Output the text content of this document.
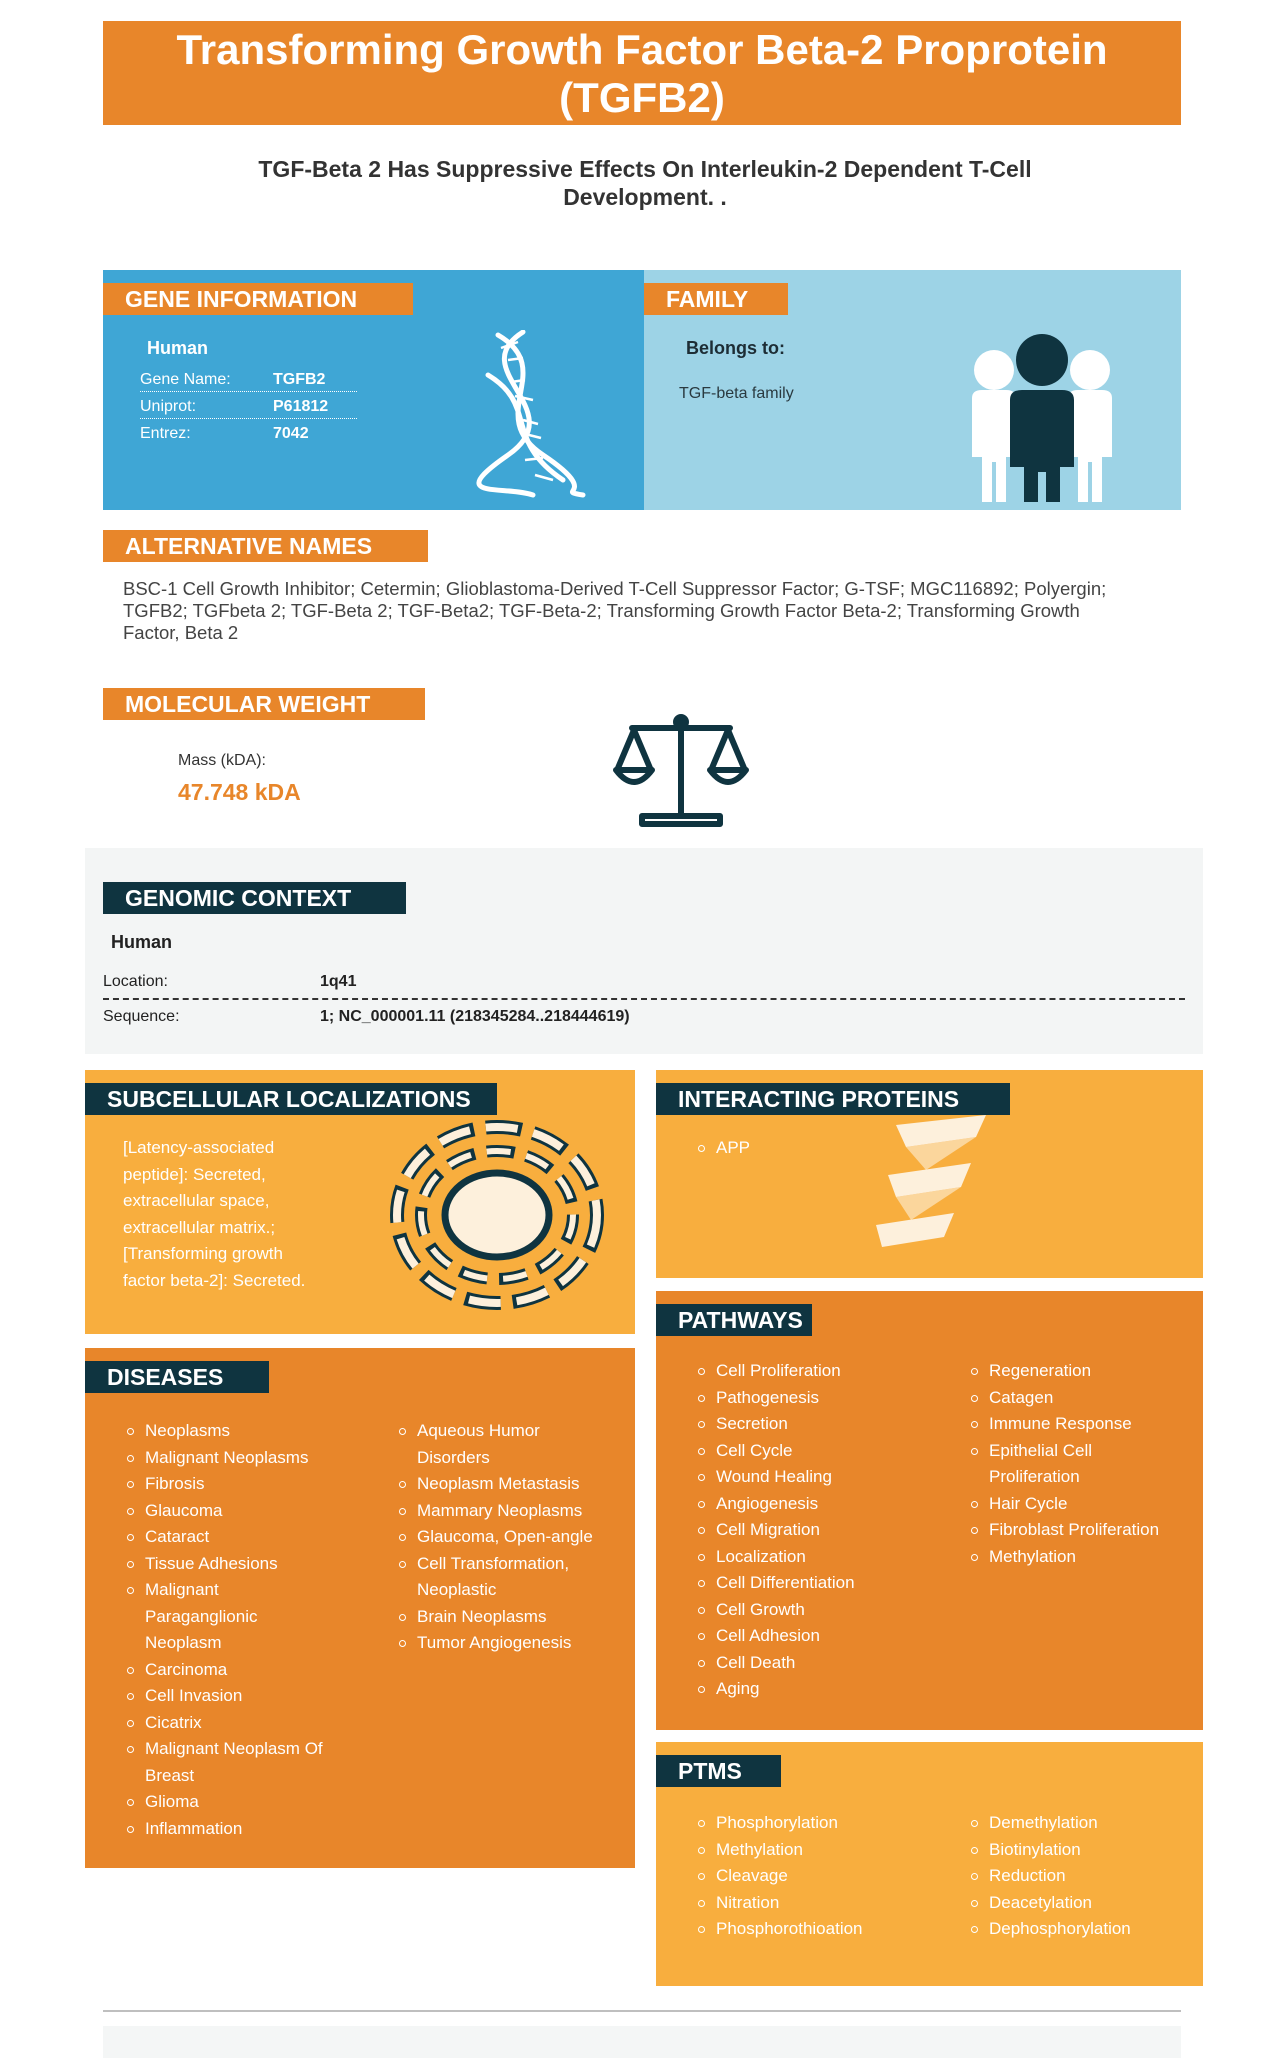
Transforming Growth Factor Beta-2 Proprotein (TGFB2)
TGF-Beta 2 Has Suppressive Effects On Interleukin-2 Dependent T-Cell Development. .
GENE INFORMATION
Human
Gene Name:	TGFB2
Uniprot:	P61812
Entrez:	7042
FAMILY
Belongs to:
TGF-beta family
ALTERNATIVE NAMES
BSC-1 Cell Growth Inhibitor; Cetermin; Glioblastoma-Derived T-Cell Suppressor Factor; G-TSF; MGC116892; Polyergin; TGFB2; TGFbeta 2; TGF-Beta 2; TGF-Beta2; TGF-Beta-2; Transforming Growth Factor Beta-2; Transforming Growth Factor, Beta 2
MOLECULAR WEIGHT
Mass (kDA):
47.748 kDA
GENOMIC CONTEXT
Human
Location:	1q41
Sequence:	1; NC_000001.11 (218345284..218444619)
SUBCELLULAR LOCALIZATIONS
[Latency-associated
peptide]: Secreted,
extracellular space,
extracellular matrix.;
[Transforming growth
factor beta-2]: Secreted.
INTERACTING PROTEINS
APP
DISEASES
Neoplasms
Malignant Neoplasms
Fibrosis
Glaucoma
Cataract
Tissue Adhesions
Malignant Paraganglionic Neoplasm
Carcinoma
Cell Invasion
Cicatrix
Malignant Neoplasm Of Breast
Glioma
Inflammation
Aqueous Humor Disorders
Neoplasm Metastasis
Mammary Neoplasms
Glaucoma, Open-angle
Cell Transformation, Neoplastic
Brain Neoplasms
Tumor Angiogenesis
PATHWAYS
Cell Proliferation
Pathogenesis
Secretion
Cell Cycle
Wound Healing
Angiogenesis
Cell Migration
Localization
Cell Differentiation
Cell Growth
Cell Adhesion
Cell Death
Aging
Regeneration
Catagen
Immune Response
Epithelial Cell Proliferation
Hair Cycle
Fibroblast Proliferation
Methylation
PTMS
Phosphorylation
Methylation
Cleavage
Nitration
Phosphorothioation
Demethylation
Biotinylation
Reduction
Deacetylation
Dephosphorylation
